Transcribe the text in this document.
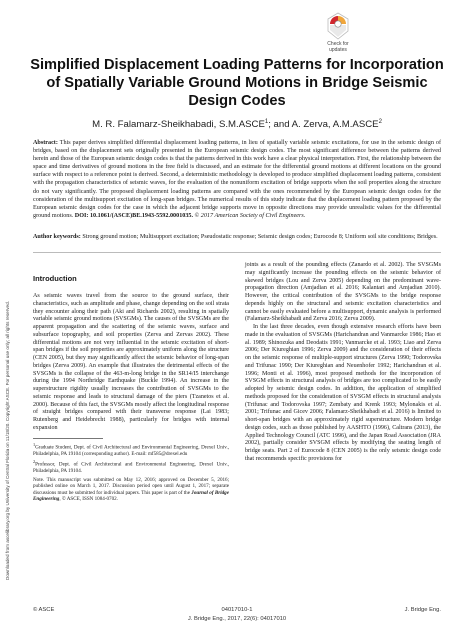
Downloaded from ascelibrary.org by University of Central Florida on 11/18/20. Copyright ASCE. For personal use only; all rights reserved.
Check for
updates
Simplified Displacement Loading Patterns for Incorporation of Spatially Variable Ground Motions in Bridge Seismic Design Codes
M. R. Falamarz-Sheikhabadi, S.M.ASCE$^1$; and A. Zerva, A.M.ASCE$^2$
Abstract: This paper derives simplified differential displacement loading patterns, in lieu of spatially variable seismic excitations, for use in the seismic design of bridges, based on the displacement sets originally presented in the European seismic design codes. The most significant difference between the patterns derived herein and those of the European seismic design codes is that the patterns derived in this work have a clear physical interpretation. First, the relationship between the space and time derivatives of ground motions in the free field is discussed, and an estimate for the differential ground motions at different locations on the ground surface with respect to a reference point is derived. Second, a deterministic methodology is developed to produce simplified displacement loading patterns, consistent with the propagation characteristics of seismic waves, for the evaluation of the nonuniform excitation of bridge supports when the soil properties along the structure do not vary significantly. The proposed displacement loading patterns are compared with the ones recommended by the European seismic design codes for the consideration of the multisupport excitation of long-span bridges. The numerical results of this study indicate that the displacement loading pattern proposed by the European seismic design codes for the case in which the adjacent bridge supports move in opposite directions may provide unrealistic values for the differential ground motions. DOI: 10.1061/(ASCE)BE.1943-5592.0001035. © 2017 American Society of Civil Engineers.
Author keywords: Strong ground motion; Multisupport excitation; Pseudostatic response; Seismic design codes; Eurocode 8; Uniform soil site conditions; Bridges.
Introduction

As seismic waves travel from the source to the ground surface, their characteristics, such as amplitude and phase, change depending on the soil strata they encounter along their path (Aki and Richards 2002), resulting in spatially variable seismic ground motions (SVSGMs). The causes of the SVSGMs are the apparent propagation and the scattering of the seismic waves, surface and subsurface topography, and soil properties (Zerva and Zervas 2002). These differential motions are not very influential in the seismic excitation of short-span bridges if the soil properties are approximately uniform along the structure (CEN 2005), but they may significantly affect the seismic behavior of long-span bridges (Zerva 2009). An example that illustrates the detrimental effects of the SVSGMs is the collapse of the 463-m-long bridge in the SR14/I5 interchange during the 1994 Northridge Earthquake (Buckle 1994). An increase in the superstructure rigidity usually increases the contribution of SVSGMs to the seismic response and leads to structural damage of the piers (Tzanetos et al. 2000). Because of this fact, the SVSGMs mostly affect the longitudinal response of straight bridges compared with their transverse response (Lai 1983; Rutenberg and Heidebrecht 1988), particularly for bridges with internal expansion

$^1$Graduate Student, Dept. of Civil Architectural and Environmental Engineering, Drexel Univ., Philadelphia, PA 19104 (corresponding author). E-mail: mf585@drexel.edu

$^2$Professor, Dept. of Civil Architectural and Environmental Engineering, Drexel Univ., Philadelphia, PA 19104.

Note. This manuscript was submitted on May 12, 2016; approved on December 5, 2016; published online on March 1, 2017. Discussion period open until August 1, 2017; separate discussions must be submitted for individual papers. This paper is part of the Journal of Bridge Engineering, © ASCE, ISSN 1084-0702.

joints as a result of the pounding effects (Zanardo et al. 2002). The SVSGMs may significantly increase the pounding effects on the seismic behavior of skewed bridges (Lou and Zerva 2005) depending on the predominant wave-propagation direction (Amjadian et al. 2016; Kalantari and Amjadian 2010). However, the critical contribution of the SVSGMs to the bridge response depends highly on the structural and seismic excitation characteristics and cannot be easily evaluated before a multisupport, dynamic analysis is performed (Falamarz-Sheikhabadi and Zerva 2016; Zerva 2009).

In the last three decades, even though extensive research efforts have been made in the evaluation of SVSGMs (Harichandran and Vanmarcke 1986; Hao et al. 1989; Shinozuka and Deodatis 1991; Vanmarcke et al. 1993; Liao and Zerva 2006; Der Kiureghian 1996; Zerva 2009) and the consideration of their effects on the seismic response of multiple-support structures (Zerva 1990; Todorovska and Trifunac 1990; Der Kiureghian and Neuenhofer 1992; Harichandran et al. 1996; Monti et al. 1996), most proposed methods for the incorporation of SVSGM effects in structural analysis of bridges are too complicated to be easily adopted by seismic design codes. In addition, the application of simplified methods proposed for the consideration of SVSGM effects in structural analysis (Trifunac and Todorovska 1997; Zembaty and Krenk 1993; Mylonakis et al. 2001; Trifunac and Gicev 2006; Falamarz-Sheikhabadi et al. 2016) is limited to short-span bridges with an approximately rigid superstructure. Modern bridge design codes, such as those published by AASHTO (1996), Caltrans (2013), the Applied Technology Council (ATC 1996), and the Japan Road Association (JRA 2002), partially consider SVSGM effects by modifying the seating length of bridge seats. Part 2 of Eurocode 8 (CEN 2005) is the only seismic design code that recommends specific provisions for

© ASCE	04017010-1	J. Bridge Eng.
J. Bridge Eng., 2017, 22(6): 04017010
